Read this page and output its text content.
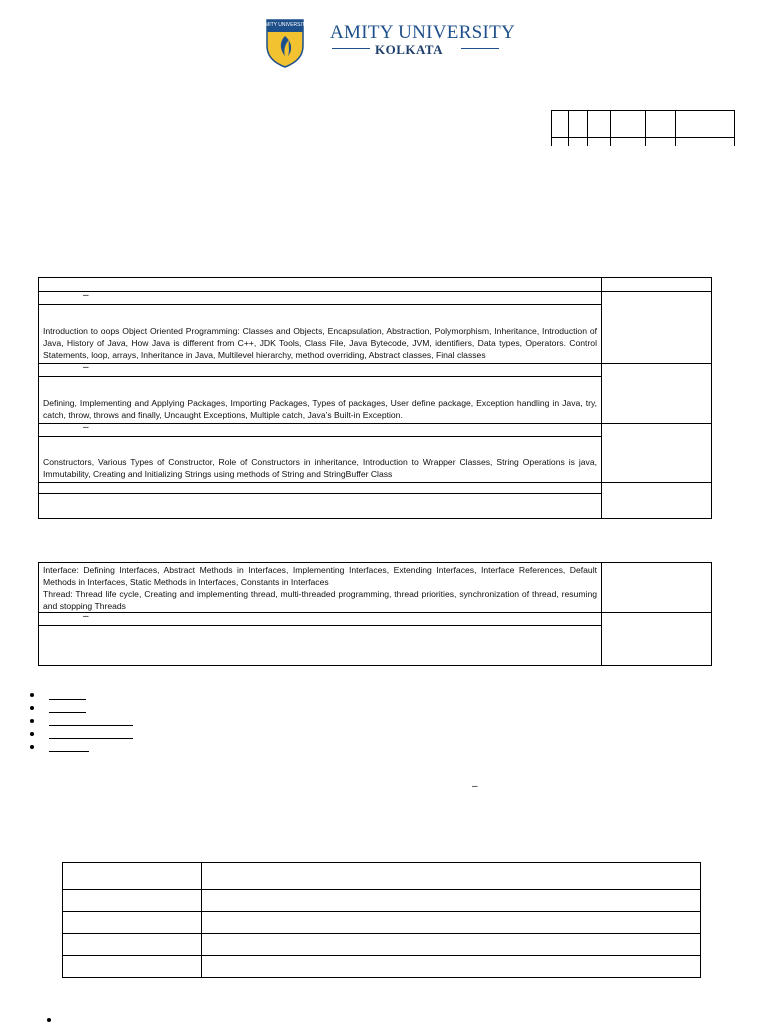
AMITY UNIVERSITY AMITY UNIVERSITY
KOLKATA

–	
Introduction to oops Object Oriented Programming: Classes and Objects, Encapsulation, Abstraction, Polymorphism, Inheritance, Introduction of Java, History of Java, How Java is different from C++, JDK Tools, Class File, Java Bytecode, JVM, identifiers, Data types, Operators. Control Statements, loop, arrays, Inheritance in Java, Multilevel hierarchy, method overriding, Abstract classes, Final classes	
–	
Defining, Implementing and Applying Packages, Importing Packages, Types of packages, User define package, Exception handling in Java, try, catch, throw, throws and finally, Uncaught Exceptions, Multiple catch, Java’s Built-in Exception.	
–	
Constructors, Various Types of Constructor, Role of Constructors in inheritance, Introduction to Wrapper Classes, String Operations is java, Immutability, Creating and Initializing Strings using methods of String and StringBuffer Class	

Interface: Defining Interfaces, Abstract Methods in Interfaces, Implementing Interfaces, Extending Interfaces, Interface References, Default Methods in Interfaces, Static Methods in Interfaces, Constants in Interfaces
Thread: Thread life cycle, Creating and implementing thread, multi-threaded programming, thread priorities, synchronization of thread, resuming and stopping Threads	

–	

–
